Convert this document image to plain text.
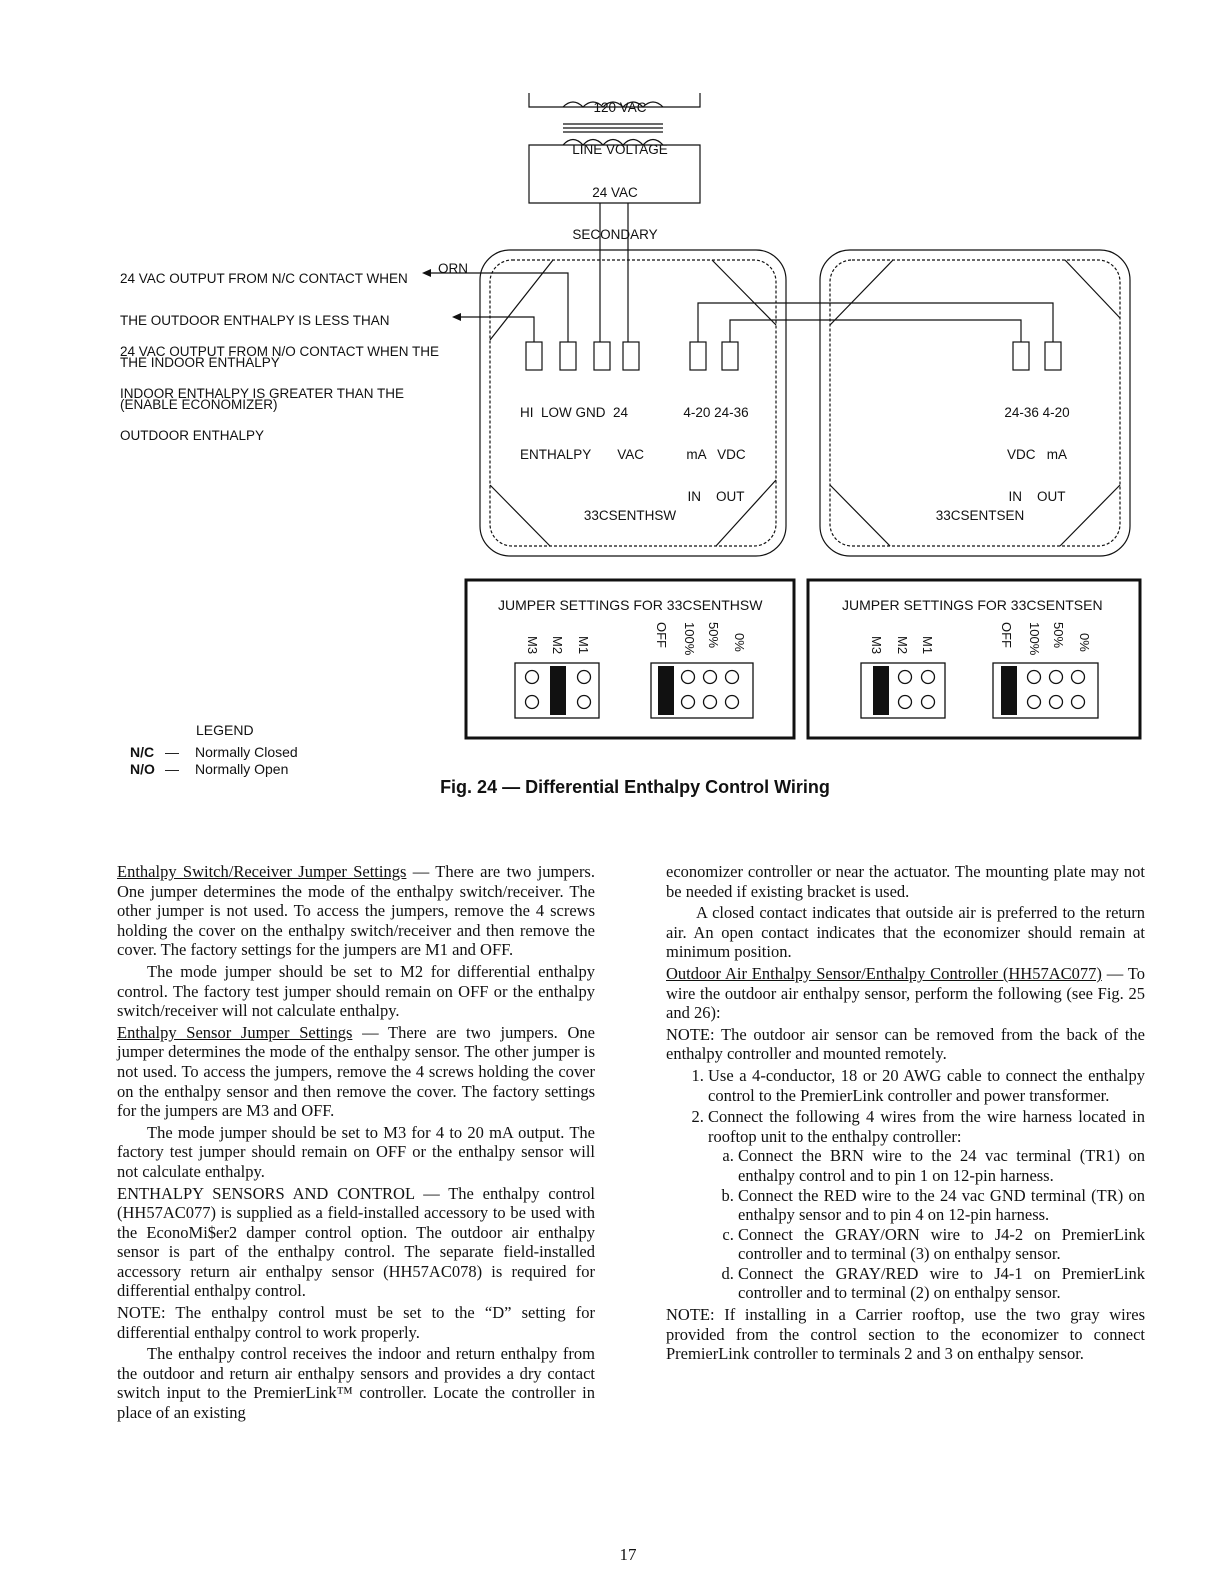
120 VAC

LINE VOLTAGE

24 VAC

SECONDARY

24 VAC OUTPUT FROM N/C CONTACT WHEN

THE OUTDOOR ENTHALPY IS LESS THAN

THE INDOOR ENTHALPY

(ENABLE ECONOMIZER)

ORN

24 VAC OUTPUT FROM N/O CONTACT WHEN THE

INDOOR ENTHALPY IS GREATER THAN THE

OUTDOOR ENTHALPY

HI  LOW GND  24

ENTHALPY       VAC

4-20 24-36

mA   VDC

IN    OUT

24-36 4-20

VDC   mA

IN    OUT

33CSENTHSW	33CSENTSEN
JUMPER SETTINGS FOR 33CSENTHSW	JUMPER SETTINGS FOR 33CSENTSEN
M3 M2 M1	OFF 100% 50% 0%	M3 M2 M1	OFF 100% 50% 0%
LEGEND
N/C — Normally Closed
N/O — Normally Open
Fig. 24 — Differential Enthalpy Control Wiring

Enthalpy Switch/Receiver Jumper Settings — There are two jumpers. One jumper determines the mode of the enthalpy switch/receiver. The other jumper is not used. To access the jumpers, remove the 4 screws holding the cover on the enthalpy switch/receiver and then remove the cover. The factory settings for the jumpers are M1 and OFF.

The mode jumper should be set to M2 for differential enthalpy control. The factory test jumper should remain on OFF or the enthalpy switch/receiver will not calculate enthalpy.

Enthalpy Sensor Jumper Settings — There are two jumpers. One jumper determines the mode of the enthalpy sensor. The other jumper is not used. To access the jumpers, remove the 4 screws holding the cover on the enthalpy sensor and then remove the cover. The factory settings for the jumpers are M3 and OFF.

The mode jumper should be set to M3 for 4 to 20 mA output. The factory test jumper should remain on OFF or the enthalpy sensor will not calculate enthalpy.

ENTHALPY SENSORS AND CONTROL — The enthalpy control (HH57AC077) is supplied as a field-installed accessory to be used with the EconoMi$er2 damper control option. The outdoor air enthalpy sensor is part of the enthalpy control. The separate field-installed accessory return air enthalpy sensor (HH57AC078) is required for differential enthalpy control.

NOTE: The enthalpy control must be set to the “D” setting for differential enthalpy control to work properly.

The enthalpy control receives the indoor and return enthalpy from the outdoor and return air enthalpy sensors and provides a dry contact switch input to the PremierLink™ controller. Locate the controller in place of an existing

economizer controller or near the actuator. The mounting plate may not be needed if existing bracket is used.

A closed contact indicates that outside air is preferred to the return air. An open contact indicates that the economizer should remain at minimum position.

Outdoor Air Enthalpy Sensor/Enthalpy Controller (HH57AC077) — To wire the outdoor air enthalpy sensor, perform the following (see Fig. 25 and 26):

NOTE: The outdoor air sensor can be removed from the back of the enthalpy controller and mounted remotely.

1. Use a 4-conductor, 18 or 20 AWG cable to connect the enthalpy control to the PremierLink controller and power transformer.
2. Connect the following 4 wires from the wire harness located in rooftop unit to the enthalpy controller:
a. Connect the BRN wire to the 24 vac terminal (TR1) on enthalpy control and to pin 1 on 12-pin harness.
b. Connect the RED wire to the 24 vac GND terminal (TR) on enthalpy sensor and to pin 4 on 12-pin harness.
c. Connect the GRAY/ORN wire to J4-2 on PremierLink controller and to terminal (3) on enthalpy sensor.
d. Connect the GRAY/RED wire to J4-1 on PremierLink controller and to terminal (2) on enthalpy sensor.

NOTE: If installing in a Carrier rooftop, use the two gray wires provided from the control section to the economizer to connect PremierLink controller to terminals 2 and 3 on enthalpy sensor.

17
